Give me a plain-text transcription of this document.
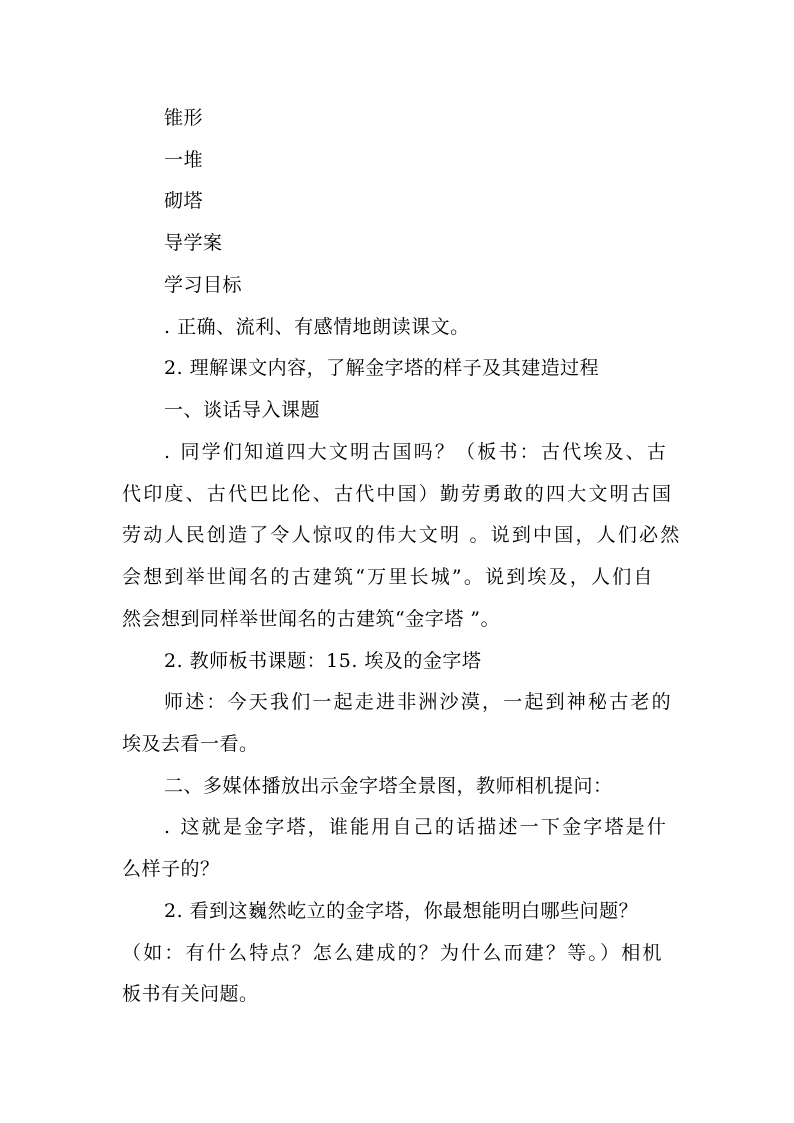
锥形
一堆
砌塔
导学案
学习目标
. 正确、流利、有感情地朗读课文。
2. 理解课文内容，了解金字塔的样子及其建造过程
一、谈话导入课题
. 同学们知道四大文明古国吗？（板书：古代埃及、古
代印度、古代巴比伦、古代中国）勤劳勇敢的四大文明古国
劳动人民创造了令人惊叹的伟大文明 。说到中国，人们必然
会想到举世闻名的古建筑“万里长城”。说到埃及，人们自
然会想到同样举世闻名的古建筑“金字塔 ”。
2. 教师板书课题：15. 埃及的金字塔
师述：今天我们一起走进非洲沙漠，一起到神秘古老的
埃及去看一看。
二、多媒体播放出示金字塔全景图，教师相机提问：
. 这就是金字塔，谁能用自己的话描述一下金字塔是什
么样子的？
2. 看到这巍然屹立的金字塔，你最想能明白哪些问题？
（如：有什么特点？怎么建成的？为什么而建？等。）相机
板书有关问题。
